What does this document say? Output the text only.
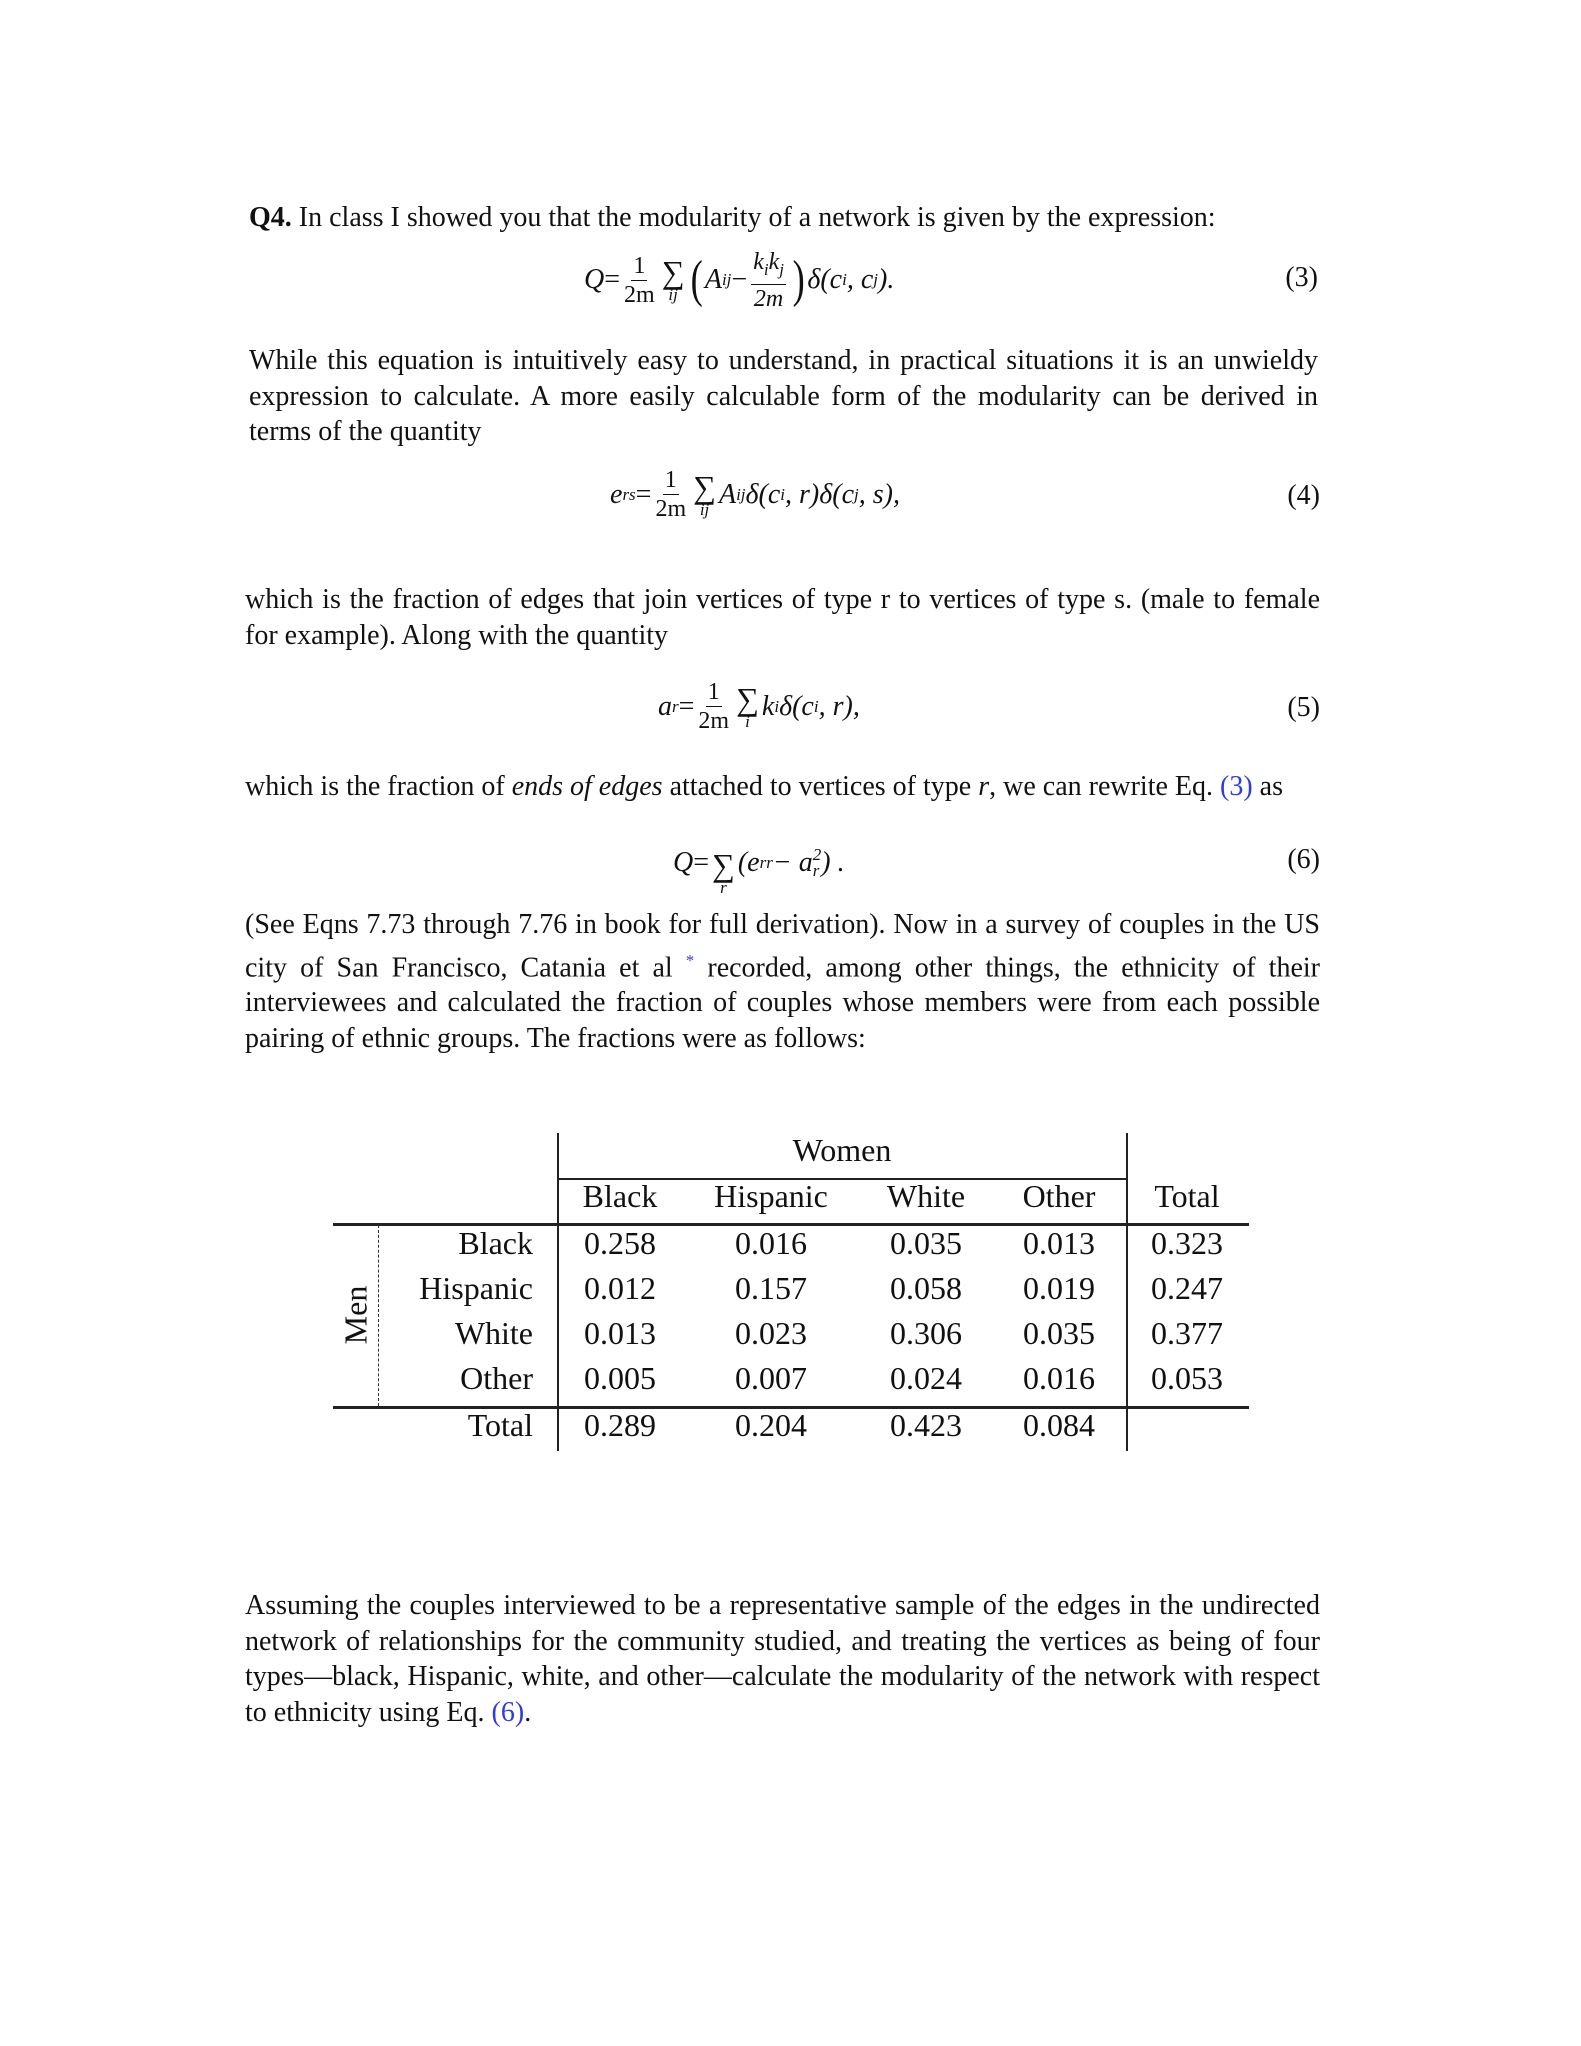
Q4. In class I showed you that the modularity of a network is given by the expression:
$Q = \frac{1}{2m}$ ∑
ij ( A ij − $\frac{k_ik_j}{2m}$ ) δ(c i , c j ).	(3)
While this equation is intuitively easy to understand, in practical situations it is an unwieldy expression to calculate. A more easily calculable form of the modularity can be derived in terms of the quantity
e rs = $\frac{1}{2m}$ ∑
ij A ij δ(c i , r)δ(c j , s),	(4)
which is the fraction of edges that join vertices of type r to vertices of type s. (male to female for example). Along with the quantity
a $r = \frac{1}{2m}$ ∑
i k i δ(c i , r),	(5)
which is the fraction of ends of edges attached to vertices of type r, we can rewrite Eq. (3) as
Q = ∑
r
(e rr − a 2
r ) .	(6)
(See Eqns 7.73 through 7.76 in book for full derivation). Now in a survey of couples in the US city of San Francisco, Catania et al * recorded, among other things, the ethnicity of their interviewees and calculated the fraction of couples whose members were from each possible pairing of ethnic groups. The fractions were as follows:
Women
Men
Black Hispanic White Other Total
Black 0.258 0.016	0.035 0.013 0.323
Hispanic 0.012 0.157	0.058 0.019 0.247
White 0.013 0.023	0.306 0.035 0.377
Other 0.005 0.007	0.024 0.016 0.053
Total 0.289 0.204	0.423 0.084
Assuming the couples interviewed to be a representative sample of the edges in the undirected network of relationships for the community studied, and treating the vertices as being of four types—black, Hispanic, white, and other—calculate the modularity of the network with respect to ethnicity using Eq. (6).
